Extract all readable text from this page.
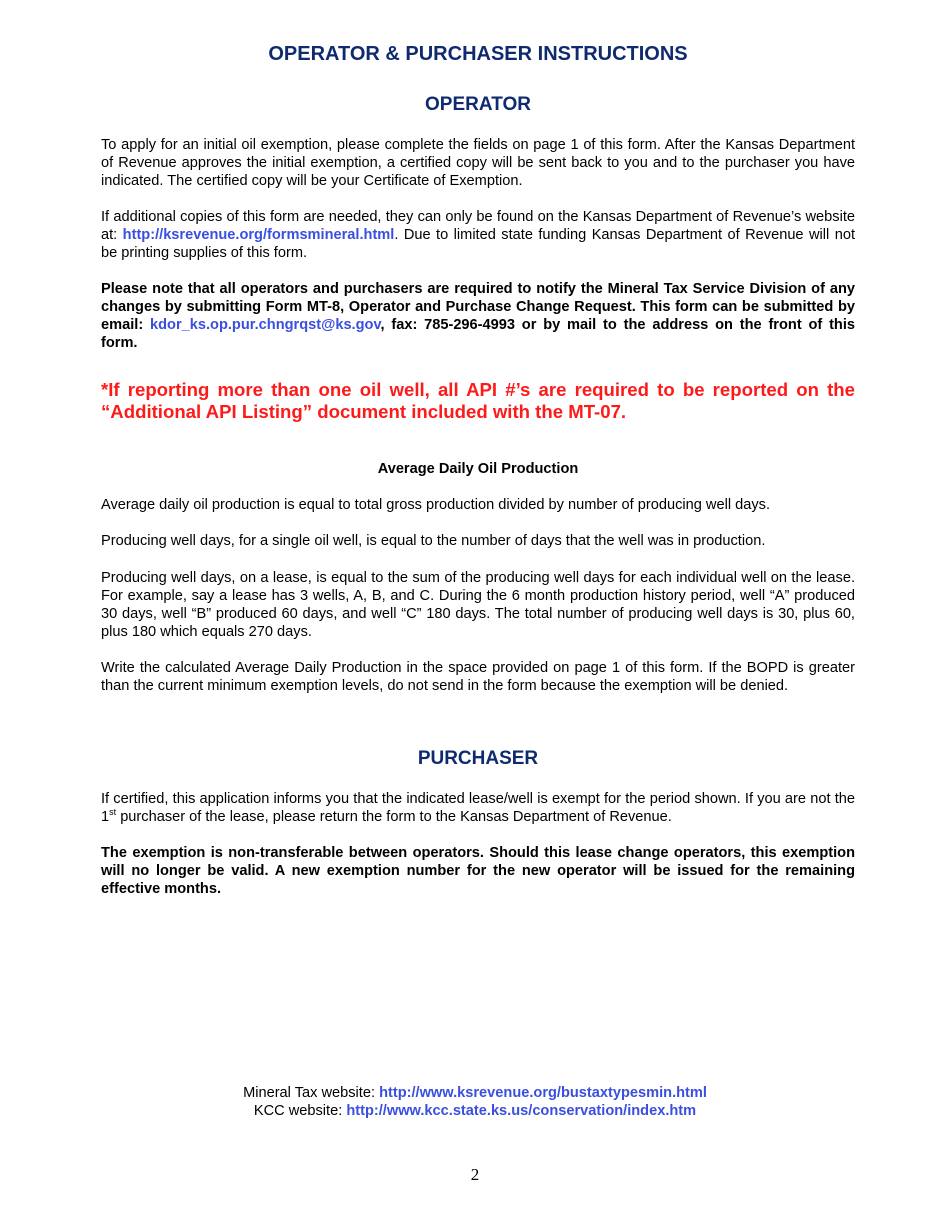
OPERATOR & PURCHASER INSTRUCTIONS
OPERATOR

To apply for an initial oil exemption, please complete the fields on page 1 of this form. After the Kansas Department of Revenue approves the initial exemption, a certified copy will be sent back to you and to the purchaser you have indicated. The certified copy will be your Certificate of Exemption.

If additional copies of this form are needed, they can only be found on the Kansas Department of Revenue’s website at: http://ksrevenue.org/formsmineral.html. Due to limited state funding Kansas Department of Revenue will not be printing supplies of this form.

Please note that all operators and purchasers are required to notify the Mineral Tax Service Division of any changes by submitting Form MT-8, Operator and Purchase Change Request. This form can be submitted by email: kdor_ks.op.pur.chngrqst@ks.gov, fax: 785-296-4993 or by mail to the address on the front of this form.

*If reporting more than one oil well, all API #’s are required to be reported on the “Additional API Listing” document included with the MT-07.

Average Daily Oil Production

Average daily oil production is equal to total gross production divided by number of producing well days.

Producing well days, for a single oil well, is equal to the number of days that the well was in production.

Producing well days, on a lease, is equal to the sum of the producing well days for each individual well on the lease. For example, say a lease has 3 wells, A, B, and C. During the 6 month production history period, well “A” produced 30 days, well “B” produced 60 days, and well “C” 180 days. The total number of producing well days is 30, plus 60, plus 180 which equals 270 days.

Write the calculated Average Daily Production in the space provided on page 1 of this form. If the BOPD is greater than the current minimum exemption levels, do not send in the form because the exemption will be denied.

PURCHASER

If certified, this application informs you that the indicated lease/well is exempt for the period shown. If you are not the 1st purchaser of the lease, please return the form to the Kansas Department of Revenue.

The exemption is non-transferable between operators. Should this lease change operators, this exemption will no longer be valid. A new exemption number for the new operator will be issued for the remaining effective months.

Mineral Tax website: http://www.ksrevenue.org/bustaxtypesmin.html
KCC website: http://www.kcc.state.ks.us/conservation/index.htm
2
